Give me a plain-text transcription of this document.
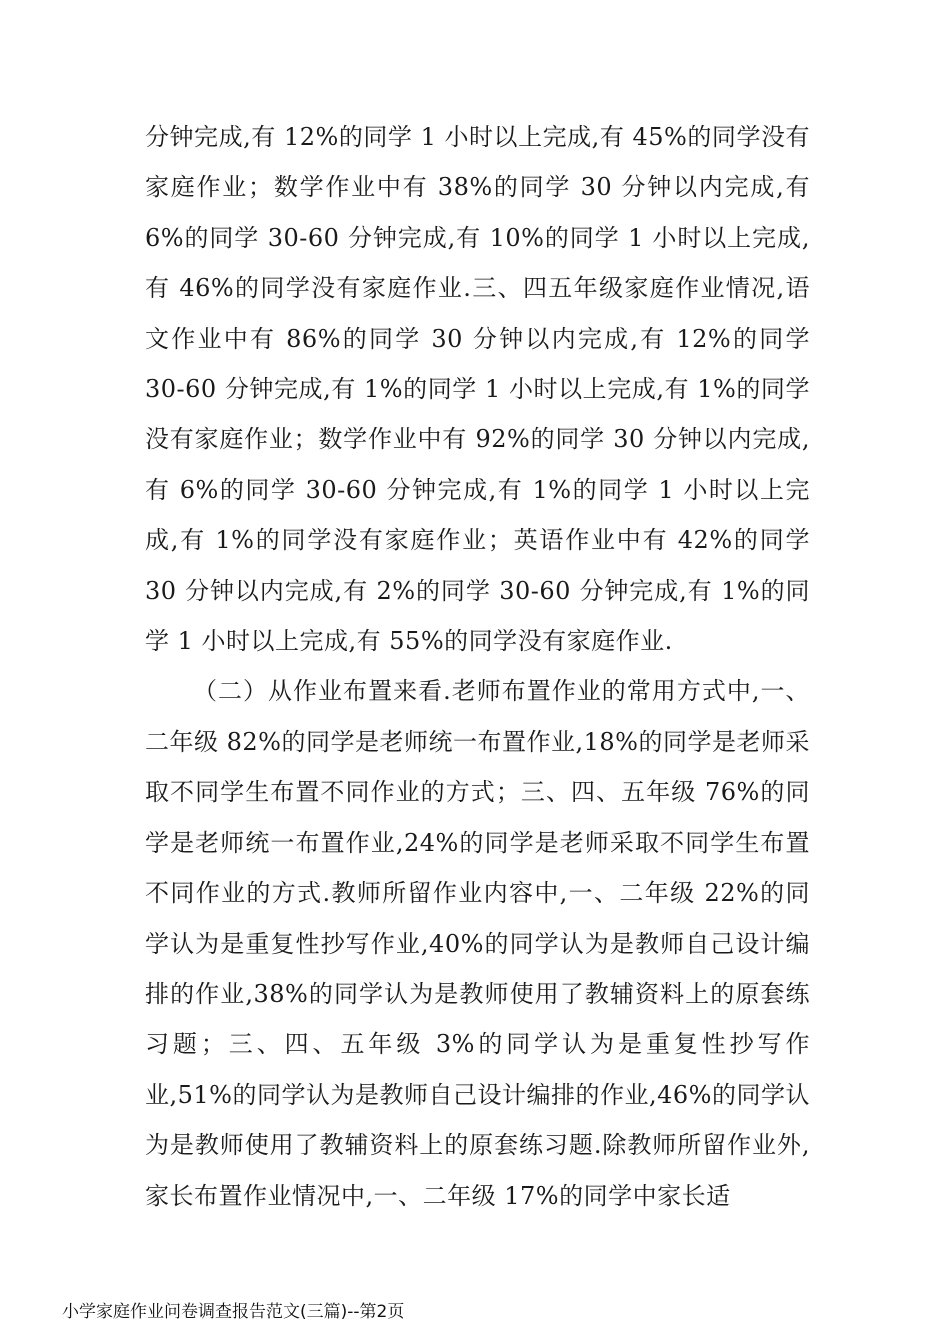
分钟完成,有 12%的同学 1 小时以上完成,有 45%的同学没有家庭作业；数学作业中有 38%的同学 30 分钟以内完成,有 6%的同学 30-60 分钟完成,有 10%的同学 1 小时以上完成,有 46%的同学没有家庭作业.三、四五年级家庭作业情况,语文作业中有 86%的同学 30 分钟以内完成,有 12%的同学 30-60 分钟完成,有 1%的同学 1 小时以上完成,有 1%的同学没有家庭作业；数学作业中有 92%的同学 30 分钟以内完成,有 6%的同学 30-60 分钟完成,有 1%的同学 1 小时以上完成,有 1%的同学没有家庭作业；英语作业中有 42%的同学 30 分钟以内完成,有 2%的同学 30-60 分钟完成,有 1%的同学 1 小时以上完成,有 55%的同学没有家庭作业.

（二）从作业布置来看.老师布置作业的常用方式中,一、二年级 82%的同学是老师统一布置作业,18%的同学是老师采取不同学生布置不同作业的方式；三、四、五年级 76%的同学是老师统一布置作业,24%的同学是老师采取不同学生布置不同作业的方式.教师所留作业内容中,一、二年级 22%的同学认为是重复性抄写作业,40%的同学认为是教师自己设计编排的作业,38%的同学认为是教师使用了教辅资料上的原套练习题；三、四、五年级 3%的同学认为是重复性抄写作业,51%的同学认为是教师自己设计编排的作业,46%的同学认为是教师使用了教辅资料上的原套练习题.除教师所留作业外,家长布置作业情况中,一、二年级 17%的同学中家长适

小学家庭作业问卷调查报告范文(三篇)--第2页
